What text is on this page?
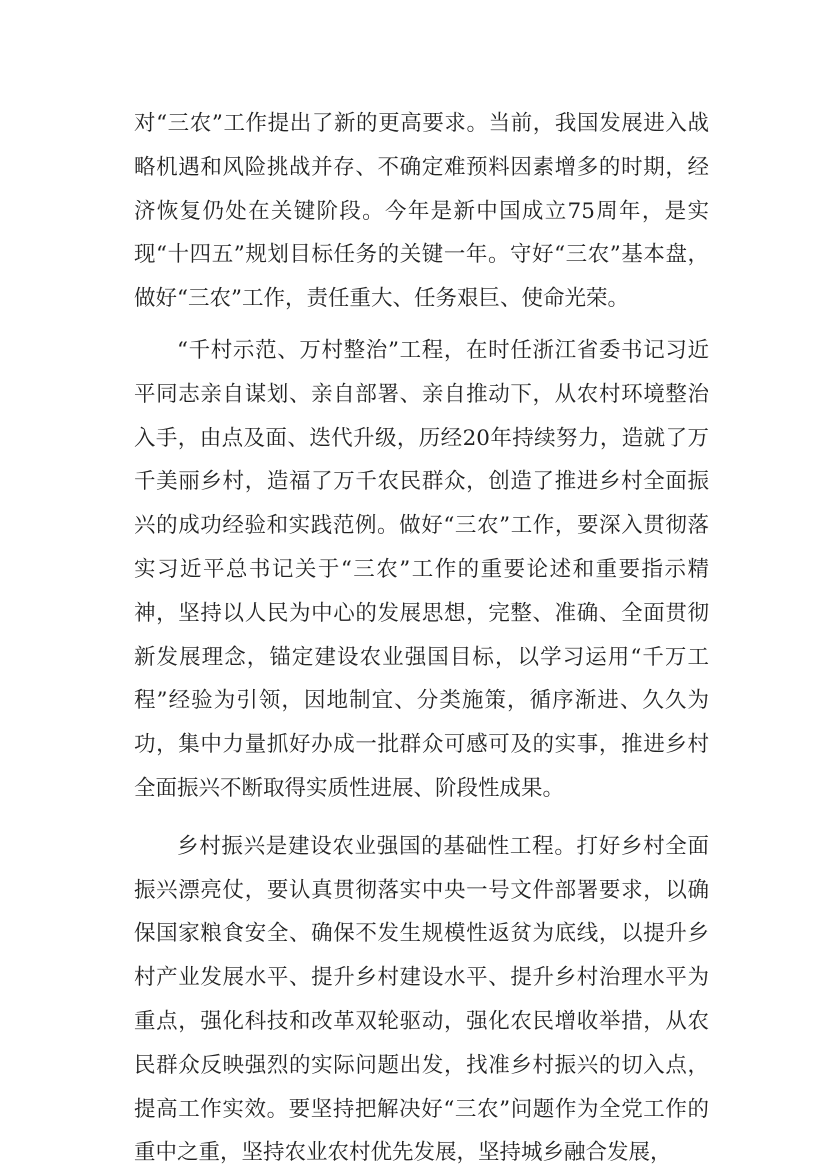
对“三农”工作提出了新的更高要求。当前，我国发展进入战略机遇和风险挑战并存、不确定难预料因素增多的时期，经济恢复仍处在关键阶段。今年是新中国成立75周年，是实现“十四五”规划目标任务的关键一年。守好“三农”基本盘，做好“三农”工作，责任重大、任务艰巨、使命光荣。

“千村示范、万村整治”工程，在时任浙江省委书记习近平同志亲自谋划、亲自部署、亲自推动下，从农村环境整治入手，由点及面、迭代升级，历经20年持续努力，造就了万千美丽乡村，造福了万千农民群众，创造了推进乡村全面振兴的成功经验和实践范例。做好“三农”工作，要深入贯彻落实习近平总书记关于“三农”工作的重要论述和重要指示精神，坚持以人民为中心的发展思想，完整、准确、全面贯彻新发展理念，锚定建设农业强国目标，以学习运用“千万工程”经验为引领，因地制宜、分类施策，循序渐进、久久为功，集中力量抓好办成一批群众可感可及的实事，推进乡村全面振兴不断取得实质性进展、阶段性成果。

乡村振兴是建设农业强国的基础性工程。打好乡村全面振兴漂亮仗，要认真贯彻落实中央一号文件部署要求，以确保国家粮食安全、确保不发生规模性返贫为底线，以提升乡村产业发展水平、提升乡村建设水平、提升乡村治理水平为重点，强化科技和改革双轮驱动，强化农民增收举措，从农民群众反映强烈的实际问题出发，找准乡村振兴的切入点，提高工作实效。要坚持把解决好“三农”问题作为全党工作的重中之重，坚持农业农村优先发展，坚持城乡融合发展，
